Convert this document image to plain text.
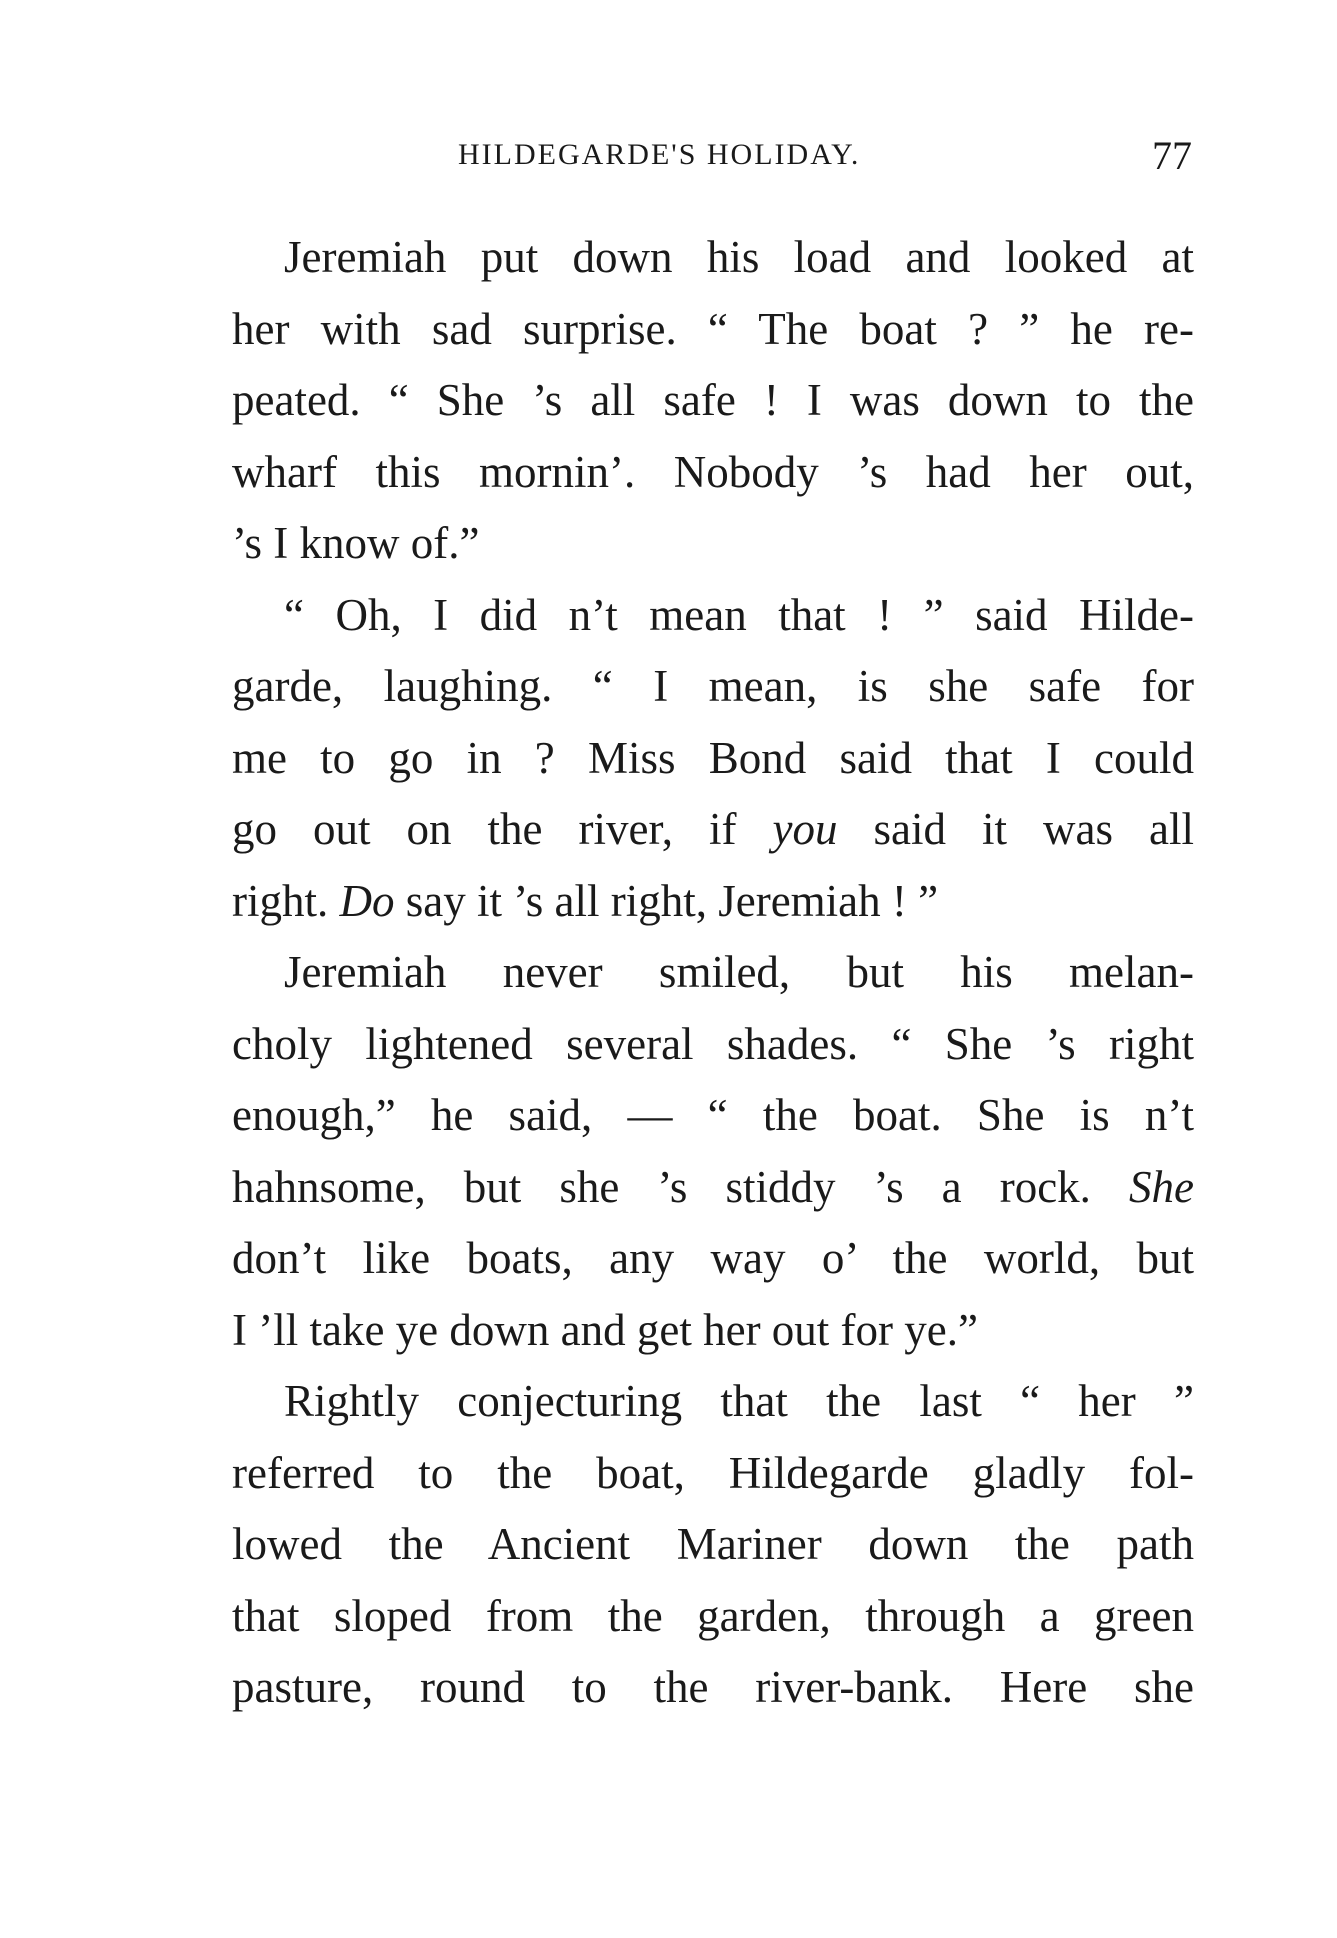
HILDEGARDE'S HOLIDAY.	77
Jeremiah put down his load and looked at
her with sad surprise. “ The boat ? ” he re-
peated. “ She ’s all safe ! I was down to the
wharf this mornin’. Nobody ’s had her out,
’s I know of.”
“ Oh, I did n’t mean that ! ” said Hilde-
garde, laughing. “ I mean, is she safe for
me to go in ? Miss Bond said that I could
go out on the river, if you said it was all
right. Do say it ’s all right, Jeremiah ! ”
Jeremiah never smiled, but his melan-
choly lightened several shades. “ She ’s right
enough,” he said, — “ the boat. She is n’t
hahnsome, but she ’s stiddy ’s a rock. She
don’t like boats, any way o’ the world, but
I ’ll take ye down and get her out for ye.”
Rightly conjecturing that the last “ her ”
referred to the boat, Hildegarde gladly fol-
lowed the Ancient Mariner down the path
that sloped from the garden, through a green
pasture, round to the river-bank. Here she
